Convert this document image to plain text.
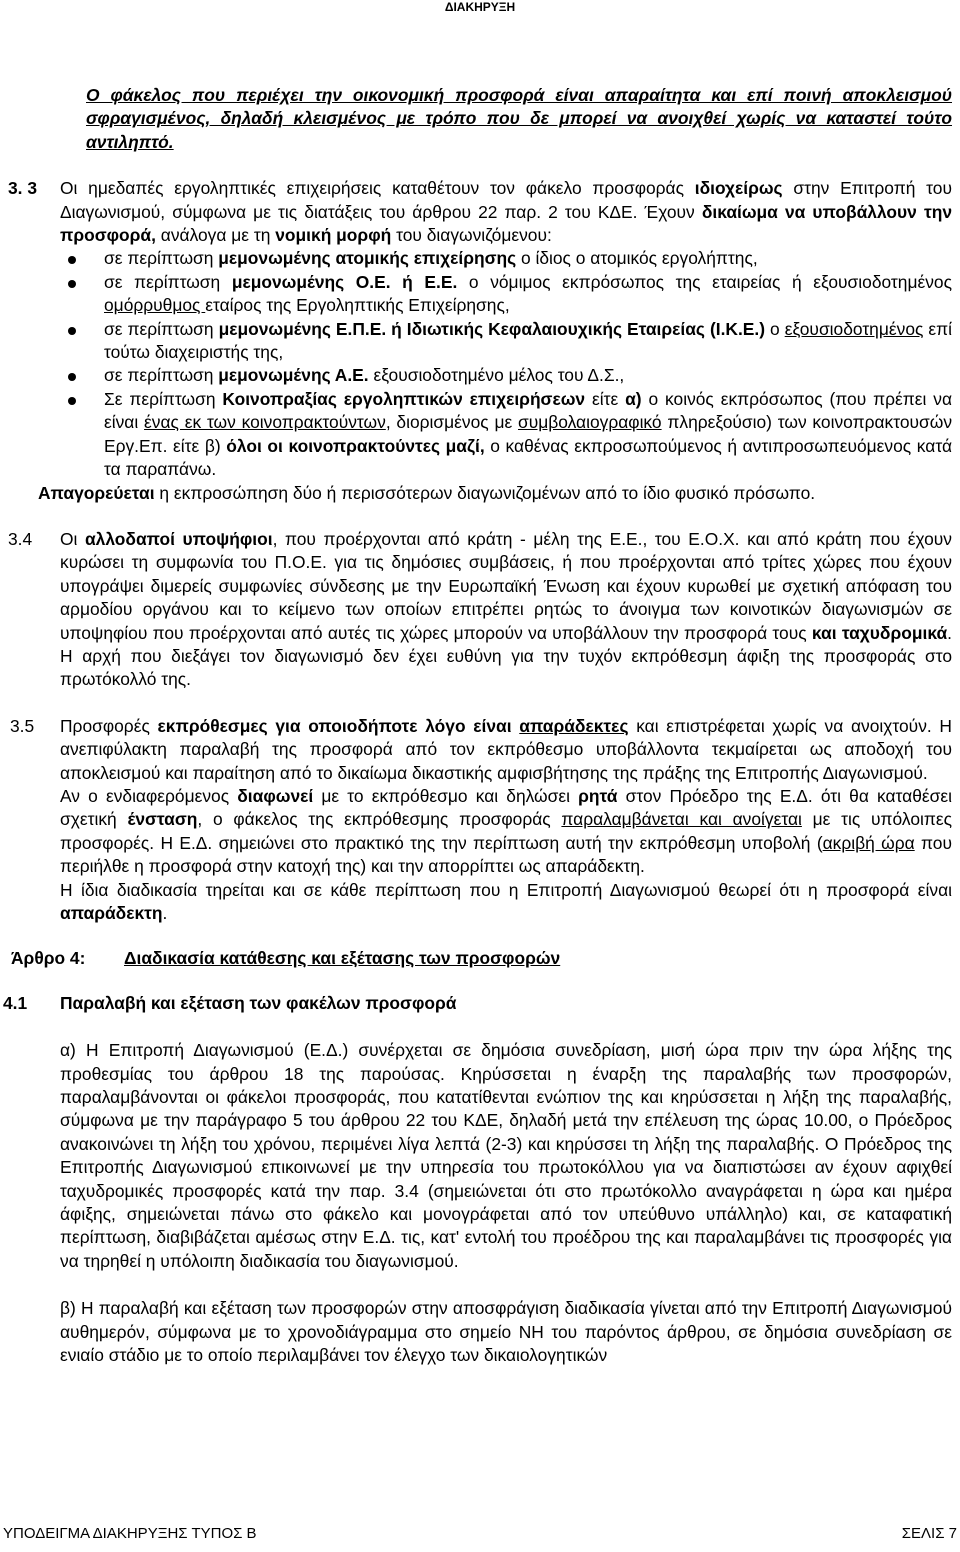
ΔΙΑΚΗΡΥΞΗ
Ο φάκελος που περιέχει την οικονομική προσφορά είναι απαραίτητα και επί ποινή αποκλεισμού σφραγισμένος, δηλαδή κλεισμένος με τρόπο που δε μπορεί να ανοιχθεί χωρίς να καταστεί τούτο αντιληπτό.
3. 3 Οι ημεδαπές εργοληπτικές επιχειρήσεις καταθέτουν τον φάκελο προσφοράς ιδιοχείρως στην Επιτροπή του Διαγωνισμού, σύμφωνα με τις διατάξεις του άρθρου 22 παρ. 2 του ΚΔΕ. Έχουν δικαίωμα να υποβάλλουν την προσφορά, ανάλογα με τη νομική μορφή του διαγωνιζόμενου:
σε περίπτωση μεμονωμένης ατομικής επιχείρησης ο ίδιος ο ατομικός εργολήπτης,
σε περίπτωση μεμονωμένης Ο.Ε. ή Ε.Ε. ο νόμιμος εκπρόσωπος της εταιρείας ή εξουσιοδοτημένος ομόρρυθμος εταίρος της Εργοληπτικής Επιχείρησης,
σε περίπτωση μεμονωμένης Ε.Π.Ε. ή Ιδιωτικής Κεφαλαιουχικής Εταιρείας (Ι.Κ.Ε.) ο εξουσιοδοτημένος επί τούτω διαχειριστής της,
σε περίπτωση μεμονωμένης Α.Ε. εξουσιοδοτημένο μέλος του Δ.Σ.,
Σε περίπτωση Κοινοπραξίας εργοληπτικών επιχειρήσεων είτε α) ο κοινός εκπρόσωπος (που πρέπει να είναι ένας εκ των κοινοπρακτούντων, διορισμένος με συμβολαιογραφικό πληρεξούσιο) των κοινοπρακτουσών Εργ.Επ. είτε β) όλοι οι κοινοπρακτούντες μαζί, ο καθένας εκπροσωπούμενος ή αντιπροσωπευόμενος κατά τα παραπάνω.
Απαγορεύεται η εκπροσώπηση δύο ή περισσότερων διαγωνιζομένων από το ίδιο φυσικό πρόσωπο.
3.4 Οι αλλοδαποί υποψήφιοι, που προέρχονται από κράτη - μέλη της Ε.Ε., του Ε.Ο.Χ. και από κράτη που έχουν κυρώσει τη συμφωνία του Π.Ο.Ε. για τις δημόσιες συμβάσεις, ή που προέρχονται από τρίτες χώρες που έχουν υπογράψει διμερείς συμφωνίες σύνδεσης με την Ευρωπαϊκή Ένωση και έχουν κυρωθεί με σχετική απόφαση του αρμοδίου οργάνου και το κείμενο των οποίων επιτρέπει ρητώς το άνοιγμα των κοινοτικών διαγωνισμών σε υποψηφίου που προέρχονται από αυτές τις χώρες μπορούν να υποβάλλουν την προσφορά τους και ταχυδρομικά. Η αρχή που διεξάγει τον διαγωνισμό δεν έχει ευθύνη για την τυχόν εκπρόθεσμη άφιξη της προσφοράς στο πρωτόκολλό της.
3.5 Προσφορές εκπρόθεσμες για οποιοδήποτε λόγο είναι απαράδεκτες και επιστρέφεται χωρίς να ανοιχτούν. Η ανεπιφύλακτη παραλαβή της προσφορά από τον εκπρόθεσμο υποβάλλοντα τεκμαίρεται ως αποδοχή του αποκλεισμού και παραίτηση από το δικαίωμα δικαστικής αμφισβήτησης της πράξης της Επιτροπής Διαγωνισμού.
Αν ο ενδιαφερόμενος διαφωνεί με το εκπρόθεσμο και δηλώσει ρητά στον Πρόεδρο της Ε.Δ. ότι θα καταθέσει σχετική ένσταση, ο φάκελος της εκπρόθεσμης προσφοράς παραλαμβάνεται και ανοίγεται με τις υπόλοιπες προσφορές. Η Ε.Δ. σημειώνει στο πρακτικό της την περίπτωση αυτή την εκπρόθεσμη υποβολή (ακριβή ώρα που περιήλθε η προσφορά στην κατοχή της) και την απορρίπτει ως απαράδεκτη.
Η ίδια διαδικασία τηρείται και σε κάθε περίπτωση που η Επιτροπή Διαγωνισμού θεωρεί ότι η προσφορά είναι απαράδεκτη.
Άρθρο 4: Διαδικασία κατάθεσης και εξέτασης των προσφορών
4.1 Παραλαβή και εξέταση των φακέλων προσφορά
α) Η Επιτροπή Διαγωνισμού (Ε.Δ.) συνέρχεται σε δημόσια συνεδρίαση, μισή ώρα πριν την ώρα λήξης της προθεσμίας του άρθρου 18 της παρούσας. Κηρύσσεται η έναρξη της παραλαβής των προσφορών, παραλαμβάνονται οι φάκελοι προσφοράς, που κατατίθενται ενώπιον της και κηρύσσεται η λήξη της παραλαβής, σύμφωνα με την παράγραφο 5 του άρθρου 22 του ΚΔΕ, δηλαδή μετά την επέλευση της ώρας 10.00, ο Πρόεδρος ανακοινώνει τη λήξη του χρόνου, περιμένει λίγα λεπτά (2-3) και κηρύσσει τη λήξη της παραλαβής. Ο Πρόεδρος της Επιτροπής Διαγωνισμού επικοινωνεί με την υπηρεσία του πρωτοκόλλου για να διαπιστώσει αν έχουν αφιχθεί ταχυδρομικές προσφορές κατά την παρ. 3.4 (σημειώνεται ότι στο πρωτόκολλο αναγράφεται η ώρα και ημέρα άφιξης, σημειώνεται πάνω στο φάκελο και μονογράφεται από τον υπεύθυνο υπάλληλο) και, σε καταφατική περίπτωση, διαβιβάζεται αμέσως στην Ε.Δ. τις, κατ' εντολή του προέδρου της και παραλαμβάνει τις προσφορές για να τηρηθεί η υπόλοιπη διαδικασία του διαγωνισμού.
β) Η παραλαβή και εξέταση των προσφορών στην αποσφράγιση διαδικασία γίνεται από την Επιτροπή Διαγωνισμού αυθημερόν, σύμφωνα με το χρονοδιάγραμμα στο σημείο ΝΗ του παρόντος άρθρου, σε δημόσια συνεδρίαση σε ενιαίο στάδιο με το οποίο περιλαμβάνει τον έλεγχο των δικαιολογητικών
ΥΠΟΔΕΙΓΜΑ ΔΙΑΚΗΡΥΞΗΣ ΤΥΠΟΣ Β	ΣΕΛΙΣ 7
